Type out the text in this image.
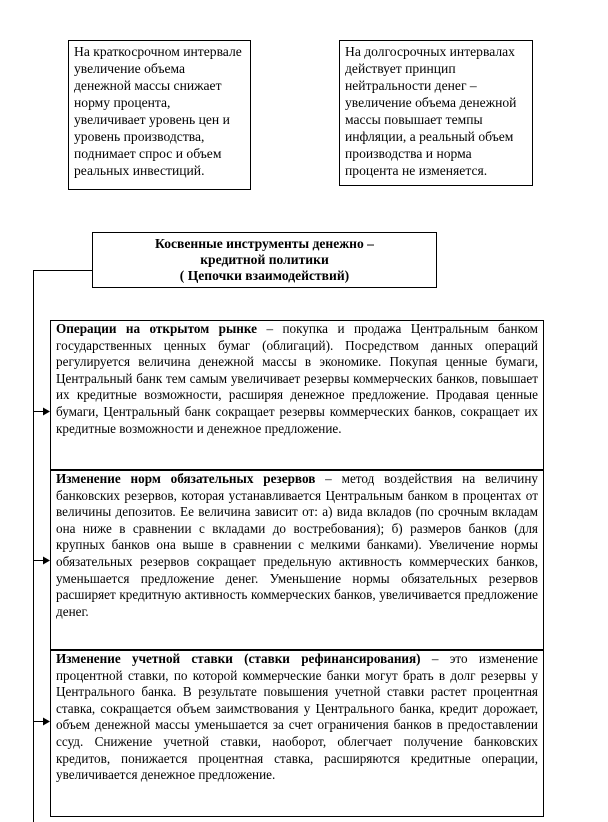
На краткосрочном интервале увеличение объема денежной массы снижает норму процента, увеличивает уровень цен и уровень производства, поднимает спрос и объем реальных инвестиций.
На долгосрочных интервалах действует принцип нейтральности денег – увеличение объема денежной массы повышает темпы инфляции, а реальный объем производства и норма процента не изменяется.
Косвенные инструменты денежно –
кредитной политики
( Цепочки взаимодействий)
Операции на открытом рынке – покупка и продажа Центральным банком государственных ценных бумаг (облигаций). Посредством данных операций регулируется величина денежной массы в экономике. Покупая ценные бумаги, Центральный банк тем самым увеличивает резервы коммерческих банков, повышает их кредитные возможности, расширяя денежное предложение. Продавая ценные бумаги, Центральный банк сокращает резервы коммерческих банков, сокращает их кредитные возможности и денежное предложение.
Изменение норм обязательных резервов – метод воздействия на величину банковских резервов, которая устанавливается Центральным банком в процентах от величины депозитов. Ее величина зависит от: а) вида вкладов (по срочным вкладам она ниже в сравнении с вкладами до востребования); б) размеров банков (для крупных банков она выше в сравнении с мелкими банками). Увеличение нормы обязательных резервов сокращает предельную активность коммерческих банков, уменьшается предложение денег. Уменьшение нормы обязательных резервов расширяет кредитную активность коммерческих банков, увеличивается предложение денег.
Изменение учетной ставки (ставки рефинансирования) – это изменение процентной ставки, по которой коммерческие банки могут брать в долг резервы у Центрального банка. В результате повышения учетной ставки растет процентная ставка, сокращается объем заимствования у Центрального банка, кредит дорожает, объем денежной массы уменьшается за счет ограничения банков в предоставлении ссуд. Снижение учетной ставки, наоборот, облегчает получение банковских кредитов, понижается процентная ставка, расширяются кредитные операции, увеличивается денежное предложение.
